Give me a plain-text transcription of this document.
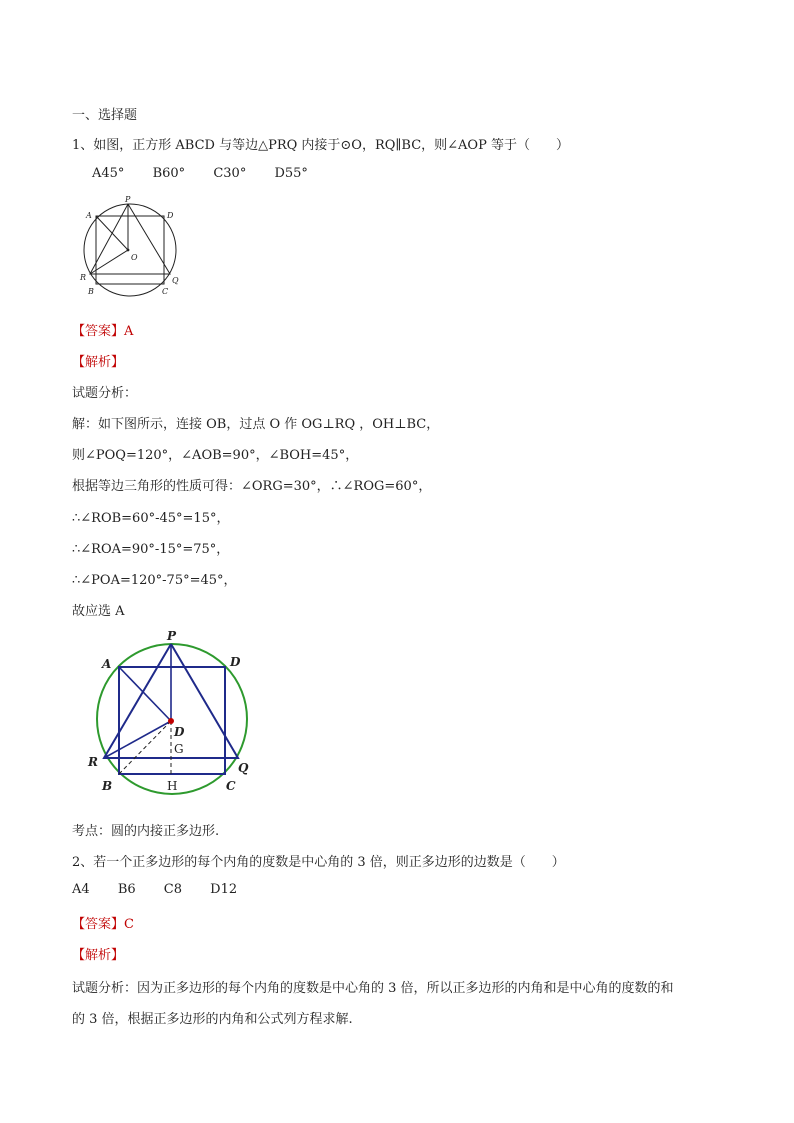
一、选择题
1、如图，正方形 ABCD 与等边△PRQ 内接于⊙O，RQ∥BC，则∠AOP 等于（　　）
A45° B60° C30° D55°
A
P
D
O
R	Q
B	C
【答案】A
【解析】
试题分析：
解：如下图所示，连接 OB，过点 O 作 OG⊥RQ ，OH⊥BC，
则∠POQ=120°，∠AOB=90°，∠BOH=45°，
根据等边三角形的性质可得：∠ORG=30°，∴∠ROG=60°，
∴∠ROB=60°-45°=15°，
∴∠ROA=90°-15°=75°，
∴∠POA=120°-75°=45°，
故应选 A
A
P
D
D
R	Q
B	C
G
H
考点：圆的内接正多边形.
2、若一个正多边形的每个内角的度数是中心角的 3 倍，则正多边形的边数是（　　）
A4 B6 C8 D12
【答案】C
【解析】
试题分析：因为正多边形的每个内角的度数是中心角的 3 倍，所以正多边形的内角和是中心角的度数的和
的 3 倍，根据正多边形的内角和公式列方程求解.
